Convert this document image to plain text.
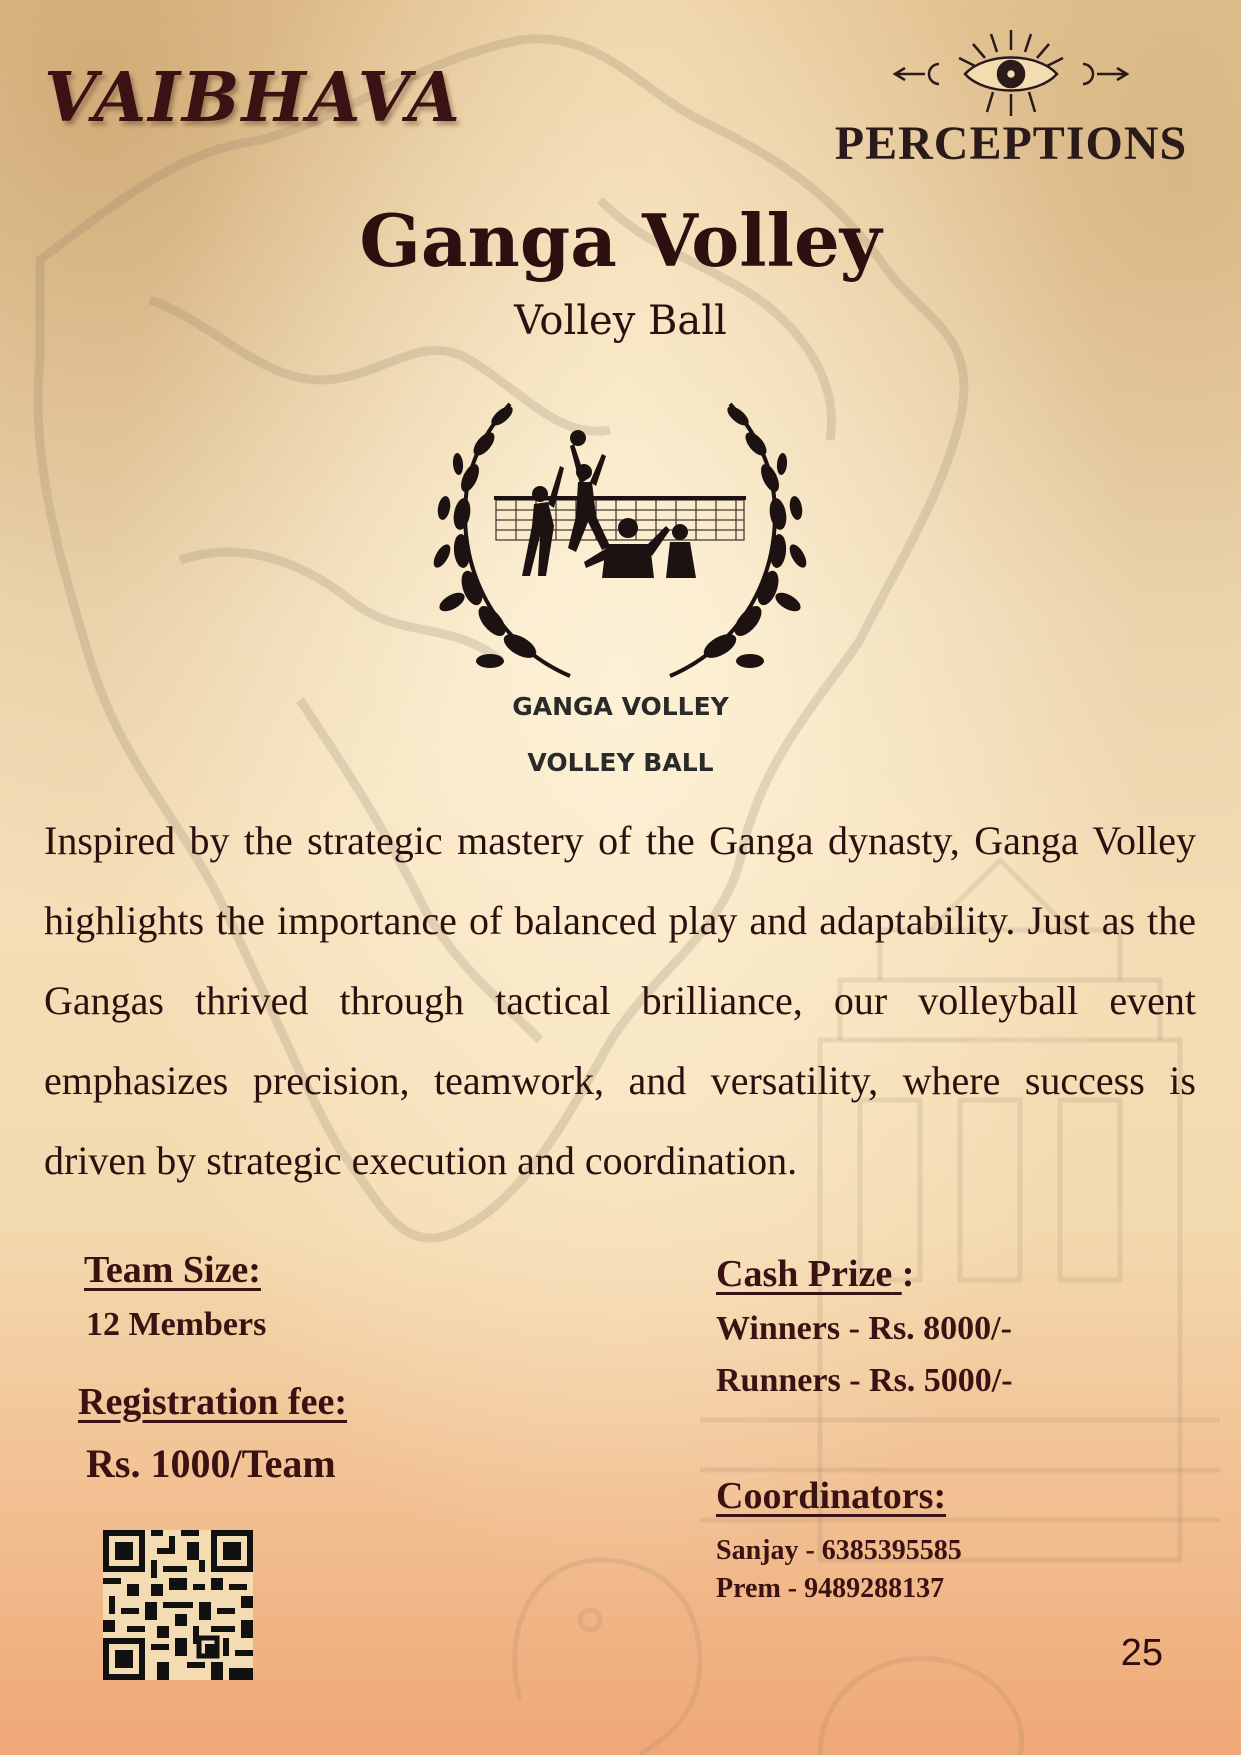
VAIBHAVA
PERCEPTIONS
Ganga Volley
Volley Ball
GANGA VOLLEY
VOLLEY BALL

Inspired by the strategic mastery of the Ganga dynasty, Ganga Volley highlights the importance of balanced play and adaptability. Just as the Gangas thrived through tactical brilliance, our volleyball event emphasizes precision, teamwork, and versatility, where success is driven by strategic execution and coordination.

Team Size:
12 Members
Registration fee:
Rs. 1000/Team
Cash Prize :
Winners - Rs. 8000/-
Runners - Rs. 5000/-
Coordinators:
Sanjay - 6385395585
Prem - 9489288137
25
